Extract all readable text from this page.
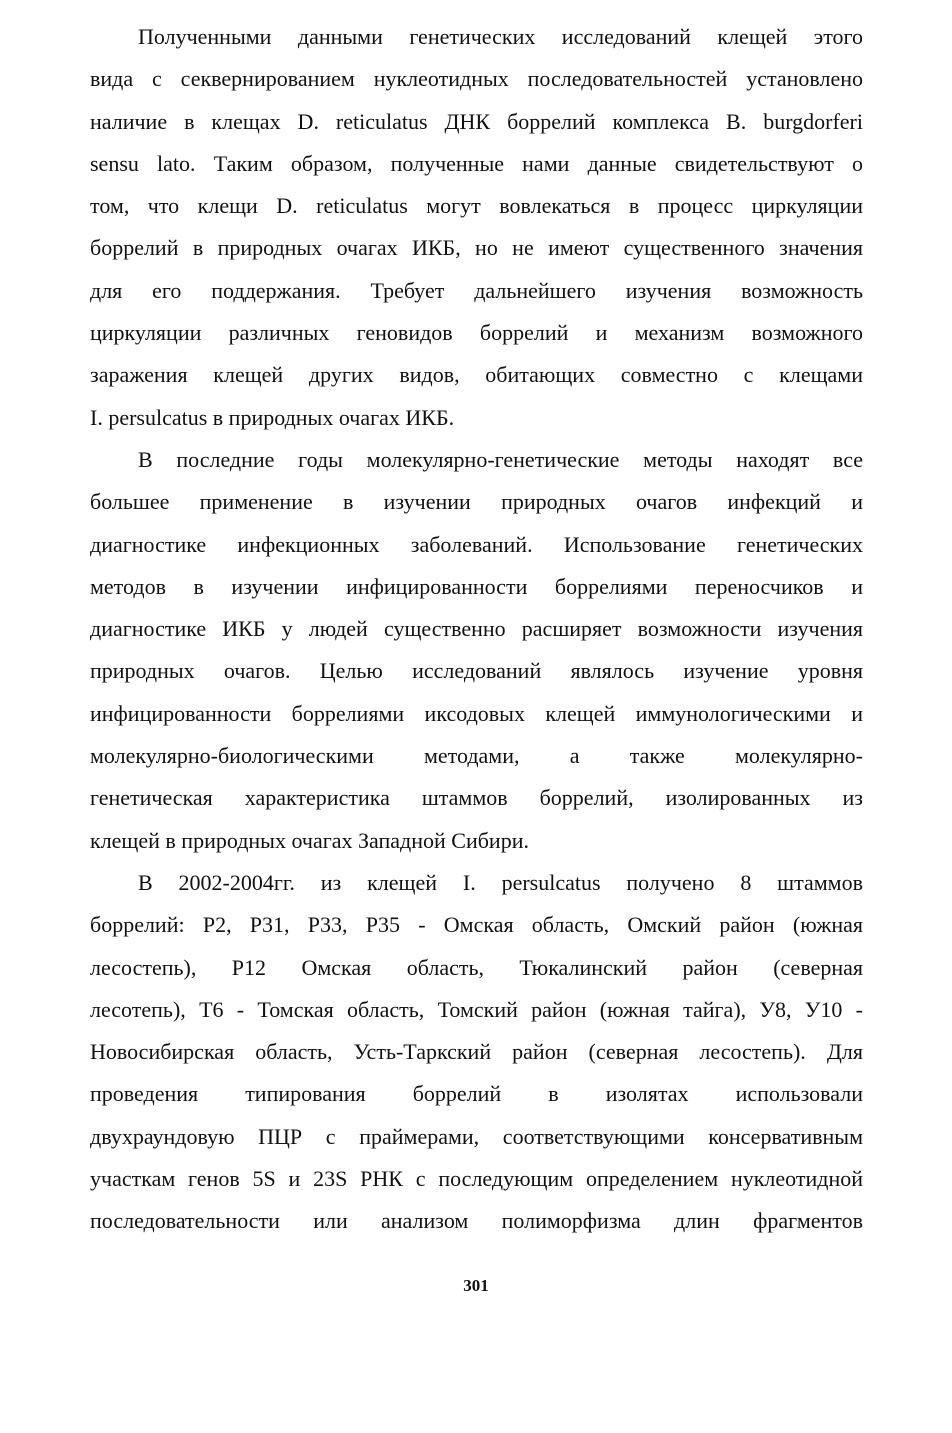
Полученными данными генетических исследований клещей этого
вида с секвернированием нуклеотидных последовательностей установлено
наличие в клещах D. reticulatus ДНК боррелий комплекса B. burgdorferi
sensu lato. Таким образом, полученные нами данные свидетельствуют о
том, что клещи D. reticulatus могут вовлекаться в процесс циркуляции
боррелий в природных очагах ИКБ, но не имеют существенного значения
для его поддержания. Требует дальнейшего изучения возможность
циркуляции различных геновидов боррелий и механизм возможного
заражения клещей других видов, обитающих совместно с клещами
I. persulcatus в природных очагах ИКБ.
В последние годы молекулярно-генетические методы находят все
большее применение в изучении природных очагов инфекций и
диагностике инфекционных заболеваний. Использование генетических
методов в изучении инфицированности боррелиями переносчиков и
диагностике ИКБ у людей существенно расширяет возможности изучения
природных очагов. Целью исследований являлось изучение уровня
инфицированности боррелиями иксодовых клещей иммунологическими и
молекулярно-биологическими методами, а также молекулярно-
генетическая характеристика штаммов боррелий, изолированных из
клещей в природных очагах Западной Сибири.
В 2002-2004гг. из клещей I. persulcatus получено 8 штаммов
боррелий: Р2, Р31, Р33, Р35 - Омская область, Омский район (южная
лесостепь), Р12 Омская область, Тюкалинский район (северная
лесотепь), Т6 - Томская область, Томский район (южная тайга), У8, У10 -
Новосибирская область, Усть-Таркский район (северная лесостепь). Для
проведения типирования боррелий в изолятах использовали
двухраундовую ПЦР с праймерами, соответствующими консервативным
участкам генов 5S и 23S РНК с последующим определением нуклеотидной
последовательности или анализом полиморфизма длин фрагментов
301
